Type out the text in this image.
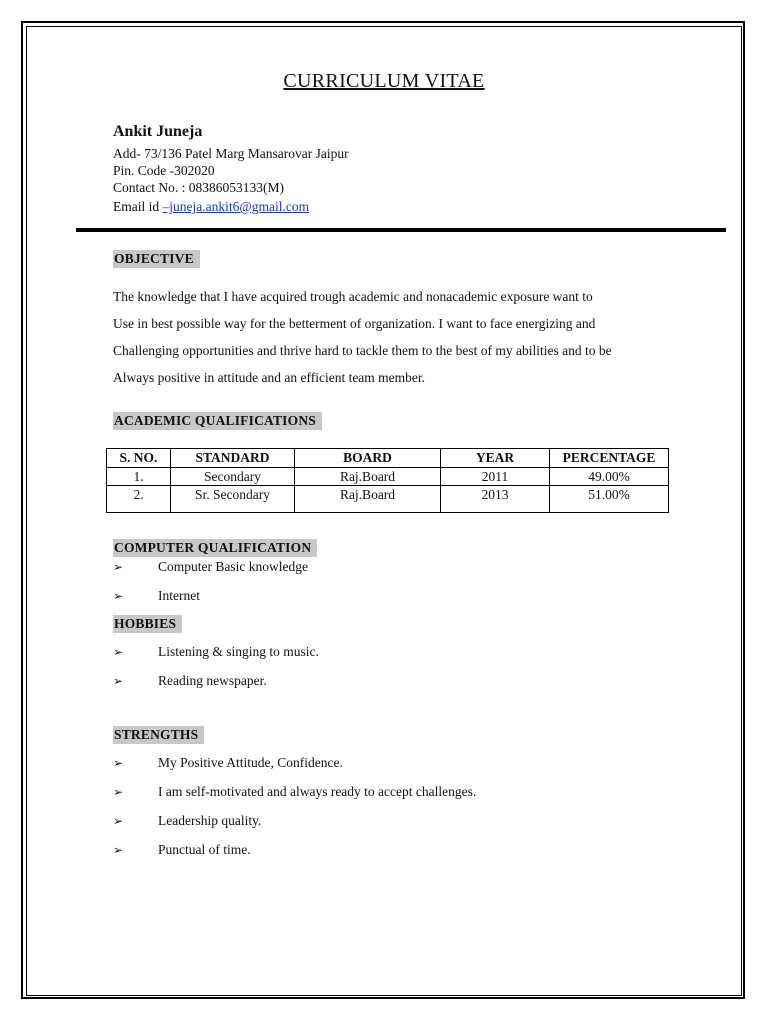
CURRICULUM VITAE
Ankit Juneja
Add- 73/136 Patel Marg Mansarovar Jaipur
Pin. Code -302020
Contact No. : 08386053133(M)
Email id –juneja.ankit6@gmail.com
OBJECTIVE
The knowledge that I have acquired trough academic and nonacademic exposure want to
Use in best possible way for the betterment of organization. I want to face energizing and
Challenging opportunities and thrive hard to tackle them to the best of my abilities and to be
Always positive in attitude and an efficient team member.
ACADEMIC QUALIFICATIONS
S. NO.	STANDARD	BOARD	YEAR	PERCENTAGE
1.	Secondary	Raj.Board	2011	49.00%
2.	Sr. Secondary	Raj.Board	2013	51.00%
COMPUTER QUALIFICATION
➢	Computer Basic knowledge
➢	Internet
HOBBIES
➢	Listening & singing to music.
➢	Reading newspaper.
STRENGTHS
➢	My Positive Attitude, Confidence.
➢	I am self-motivated and always ready to accept challenges.
➢	Leadership quality.
➢	Punctual of time.
